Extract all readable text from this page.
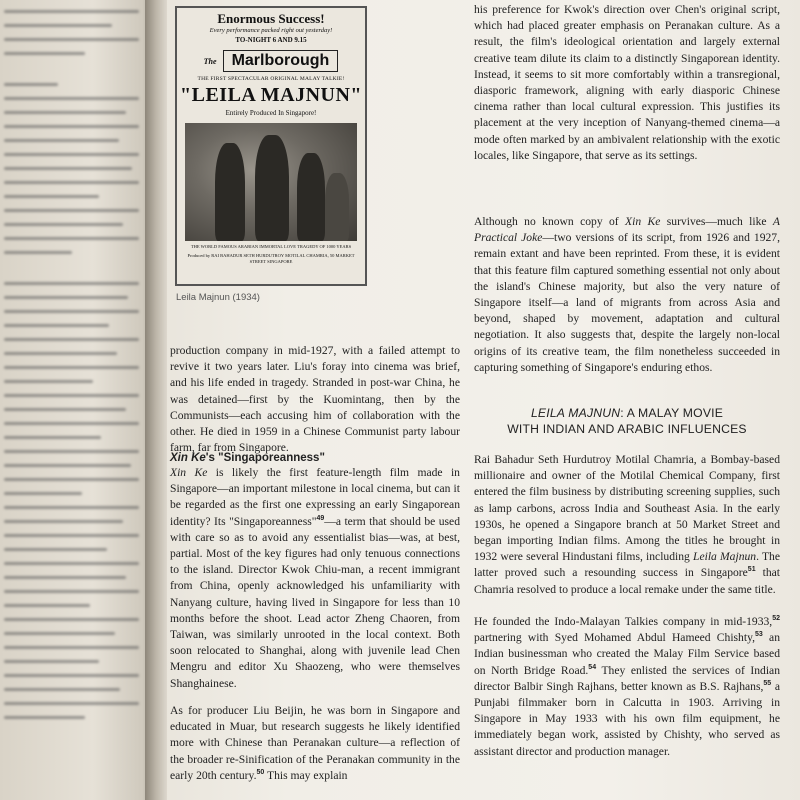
Enormous Success!
Every performance packed right out yesterday!
TO-NIGHT 6 AND 9.15
The Marlborough
THE FIRST SPECTACULAR ORIGINAL MALAY TALKIE!
"LEILA MAJNUN"
Entirely Produced In Singapore!
THE WORLD FAMOUS ARABIAN IMMORTAL LOVE TRAGEDY OF 1000 YEARS
Produced by RAI BAHADUR SETH HURDUTROY MOTILAL CHAMRIA, 50 MARKET STREET SINGAPORE
Leila Majnun (1934)

production company in mid-1927, with a failed attempt to revive it two years later. Liu's foray into cinema was brief, and his life ended in tragedy. Stranded in post-war China, he was detained—first by the Kuomintang, then by the Communists—each accusing him of collaboration with the other. He died in 1959 in a Chinese Communist party labour farm, far from Singapore.

Xin Ke's "Singaporeanness"

Xin Ke is likely the first feature-length film made in Singapore—an important milestone in local cinema, but can it be regarded as the first one expressing an early Singaporean identity? Its "Singaporeanness"$^{49}$—a term that should be used with care so as to avoid any essentialist bias—was, at best, partial. Most of the key figures had only tenuous connections to the island. Director Kwok Chiu-man, a recent immigrant from China, openly acknowledged his unfamiliarity with Nanyang culture, having lived in Singapore for less than 10 months before the shoot. Lead actor Zheng Chaoren, from Taiwan, was similarly unrooted in the local context. Both soon relocated to Shanghai, along with juvenile lead Chen Mengru and editor Xu Shaozeng, who were themselves Shanghainese.

As for producer Liu Beijin, he was born in Singapore and educated in Muar, but research suggests he likely identified more with Chinese than Peranakan culture—a reflection of the broader re-Sinification of the Peranakan community in the early 20th century.$^{50}$ This may explain

his preference for Kwok's direction over Chen's original script, which had placed greater emphasis on Peranakan culture. As a result, the film's ideological orientation and largely external creative team dilute its claim to a distinctly Singaporean identity. Instead, it seems to sit more comfortably within a transregional, diasporic framework, aligning with early diasporic Chinese cinema rather than local cultural expression. This justifies its placement at the very inception of Nanyang-themed cinema—a mode often marked by an ambivalent relationship with the exotic locales, like Singapore, that serve as its settings.

Although no known copy of Xin Ke survives—much like A Practical Joke—two versions of its script, from 1926 and 1927, remain extant and have been reprinted. From these, it is evident that this feature film captured something essential not only about the island's Chinese majority, but also the very nature of Singapore itself—a land of migrants from across Asia and beyond, shaped by movement, adaptation and cultural negotiation. It also suggests that, despite the largely non-local origins of its creative team, the film nonetheless succeeded in capturing something of Singapore's enduring ethos.

LEILA MAJNUN: A MALAY MOVIE
WITH INDIAN AND ARABIC INFLUENCES

Rai Bahadur Seth Hurdutroy Motilal Chamria, a Bombay-based millionaire and owner of the Motilal Chemical Company, first entered the film business by distributing screening supplies, such as lamp carbons, across India and Southeast Asia. In the early 1930s, he opened a Singapore branch at 50 Market Street and began importing Indian films. Among the titles he brought in 1932 were several Hindustani films, including Leila Majnun. The latter proved such a resounding success in Singapore$^{51}$ that Chamria resolved to produce a local remake under the same title.

He founded the Indo-Malayan Talkies company in mid-1933,52 partnering with Syed Mohamed Abdul Hameed Chishty,$^{53}$ an Indian businessman who created the Malay Film Service based on North Bridge Road.$^{54}$ They enlisted the services of Indian director Balbir Singh Rajhans, better known as B.S. Rajhans,$^{55}$ a Punjabi filmmaker born in Calcutta in 1903. Arriving in Singapore in May 1933 with his own film equipment, he immediately began work, assisted by Chishty, who served as assistant director and production manager.
